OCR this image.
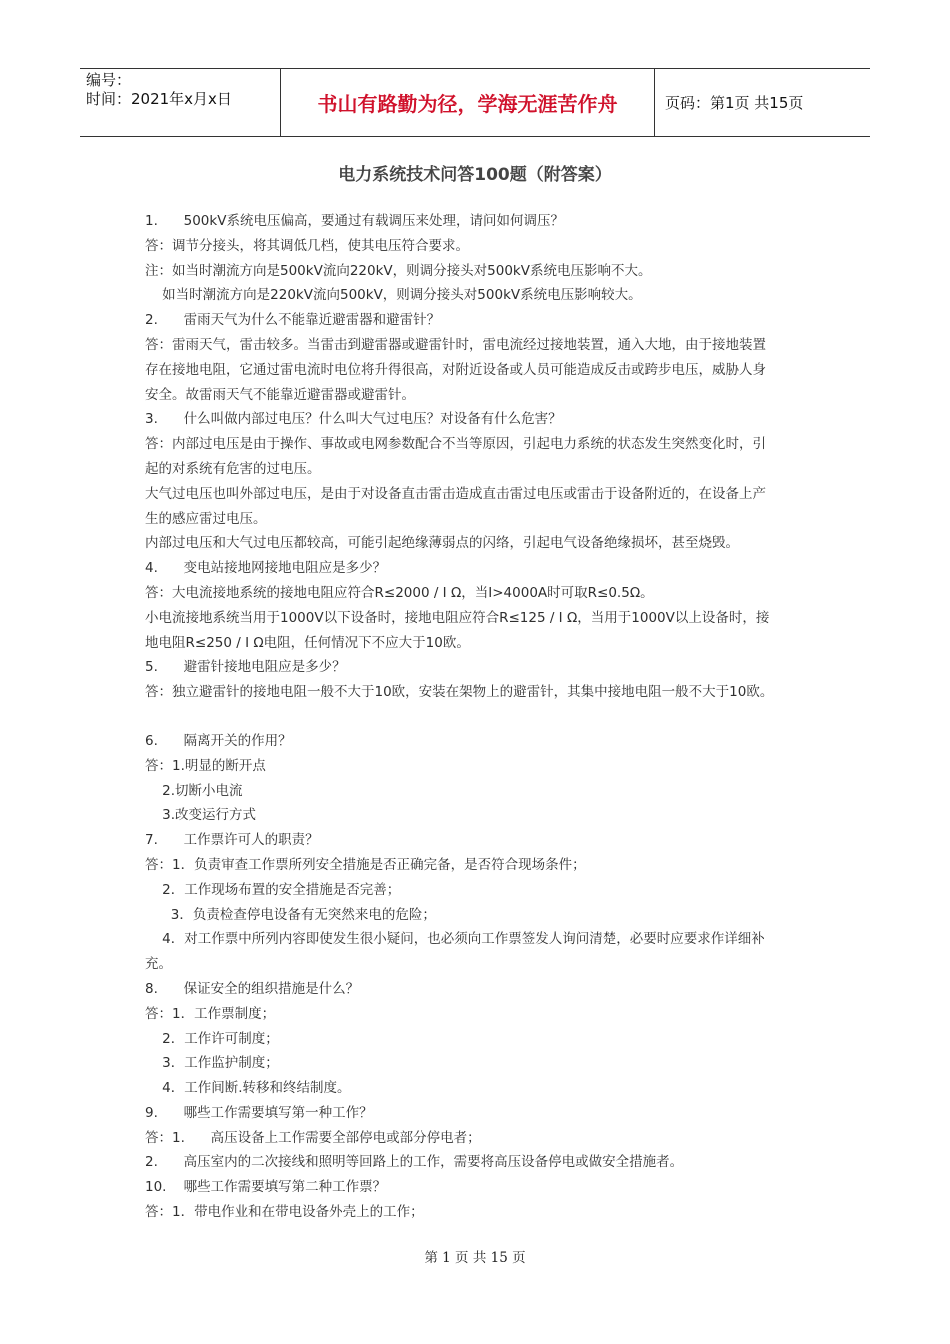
编号：
时间：2021年x月x日	书山有路勤为径，学海无涯苦作舟	页码：第1页 共15页
电力系统技术问答100题（附答案）
1.      500kV系统电压偏高，要通过有载调压来处理，请问如何调压？
答：调节分接头，将其调低几档，使其电压符合要求。
注：如当时潮流方向是500kV流向220kV，则调分接头对500kV系统电压影响不大。
如当时潮流方向是220kV流向500kV，则调分接头对500kV系统电压影响较大。
2.      雷雨天气为什么不能靠近避雷器和避雷针？
答：雷雨天气，雷击较多。当雷击到避雷器或避雷针时，雷电流经过接地装置，通入大地，由于接地装置
存在接地电阻，它通过雷电流时电位将升得很高，对附近设备或人员可能造成反击或跨步电压，威胁人身
安全。故雷雨天气不能靠近避雷器或避雷针。
3.      什么叫做内部过电压？什么叫大气过电压？对设备有什么危害？
答：内部过电压是由于操作、事故或电网参数配合不当等原因，引起电力系统的状态发生突然变化时，引
起的对系统有危害的过电压。
大气过电压也叫外部过电压，是由于对设备直击雷击造成直击雷过电压或雷击于设备附近的，在设备上产
生的感应雷过电压。
内部过电压和大气过电压都较高，可能引起绝缘薄弱点的闪络，引起电气设备绝缘损坏，甚至烧毁。
4.      变电站接地网接地电阻应是多少？
答：大电流接地系统的接地电阻应符合R≤2000 / I Ω，当I>4000A时可取R≤0.5Ω。
小电流接地系统当用于1000V以下设备时，接地电阻应符合R≤125 / I Ω，当用于1000V以上设备时，接
地电阻R≤250 / I Ω电阻，任何情况下不应大于10欧。
5.      避雷针接地电阻应是多少？
答：独立避雷针的接地电阻一般不大于10欧，安装在架物上的避雷针，其集中接地电阻一般不大于10欧。
6.      隔离开关的作用？
答：1.明显的断开点
2.切断小电流
3.改变运行方式
7.      工作票许可人的职责？
答：1．负责审查工作票所列安全措施是否正确完备，是否符合现场条件；
2．工作现场布置的安全措施是否完善；
3．负责检查停电设备有无突然来电的危险；
4．对工作票中所列内容即使发生很小疑问，也必须向工作票签发人询问清楚，必要时应要求作详细补
充。
8.      保证安全的组织措施是什么？
答：1．工作票制度；
2．工作许可制度；
3．工作监护制度；
4．工作间断.转移和终结制度。
9.      哪些工作需要填写第一种工作？
答：1.      高压设备上工作需要全部停电或部分停电者；
2.      高压室内的二次接线和照明等回路上的工作，需要将高压设备停电或做安全措施者。
10.    哪些工作需要填写第二种工作票？
答：1．带电作业和在带电设备外壳上的工作；
第 1 页 共 15 页
